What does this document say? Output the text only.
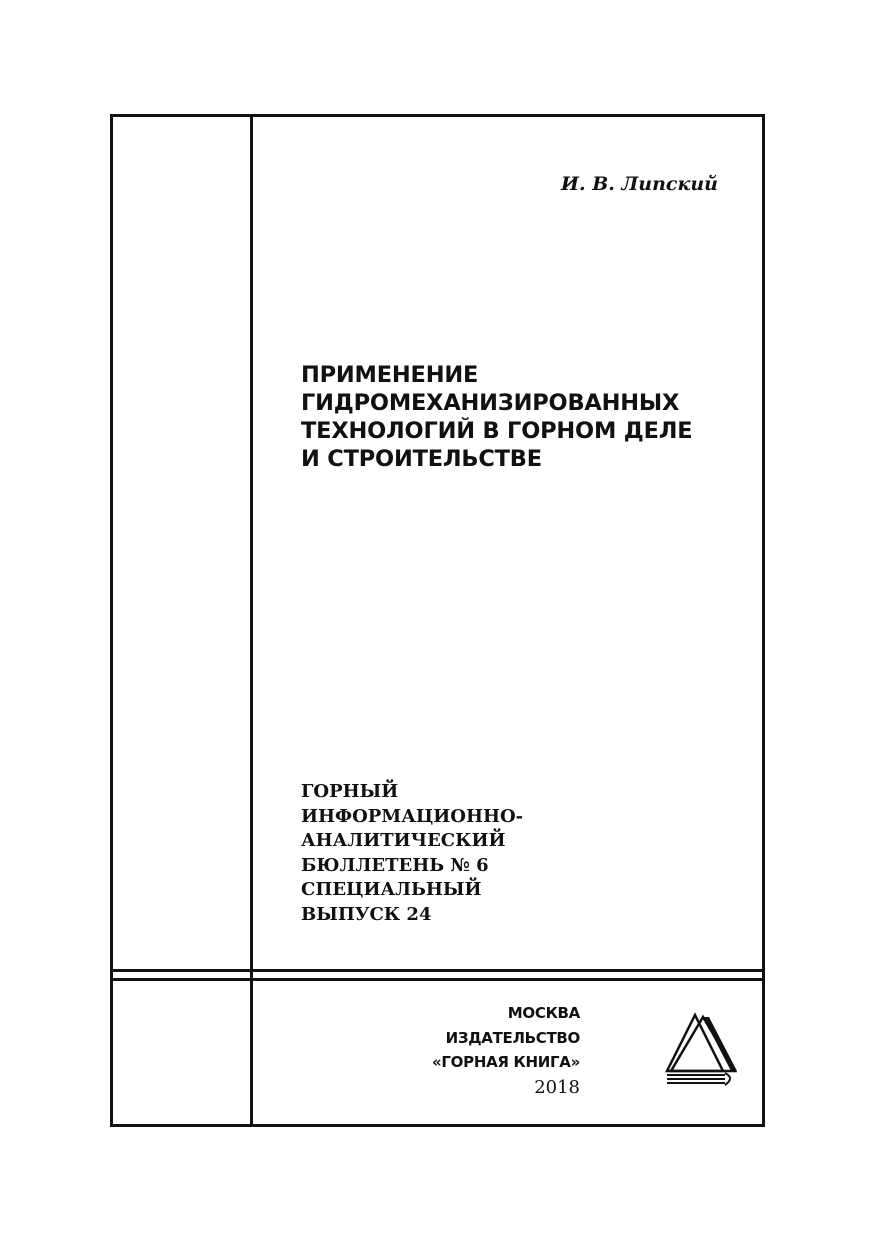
И. В. Липский
ПРИМЕНЕНИЕ
ГИДРОМЕХАНИЗИРОВАННЫХ
ТЕХНОЛОГИЙ В ГОРНОМ ДЕЛЕ
И СТРОИТЕЛЬСТВЕ
ГОРНЫЙ
ИНФОРМАЦИОННО-
АНАЛИТИЧЕСКИЙ
БЮЛЛЕТЕНЬ № 6
СПЕЦИАЛЬНЫЙ
ВЫПУСК 24
МОСКВА
ИЗДАТЕЛЬСТВО
«ГОРНАЯ КНИГА»
2018
